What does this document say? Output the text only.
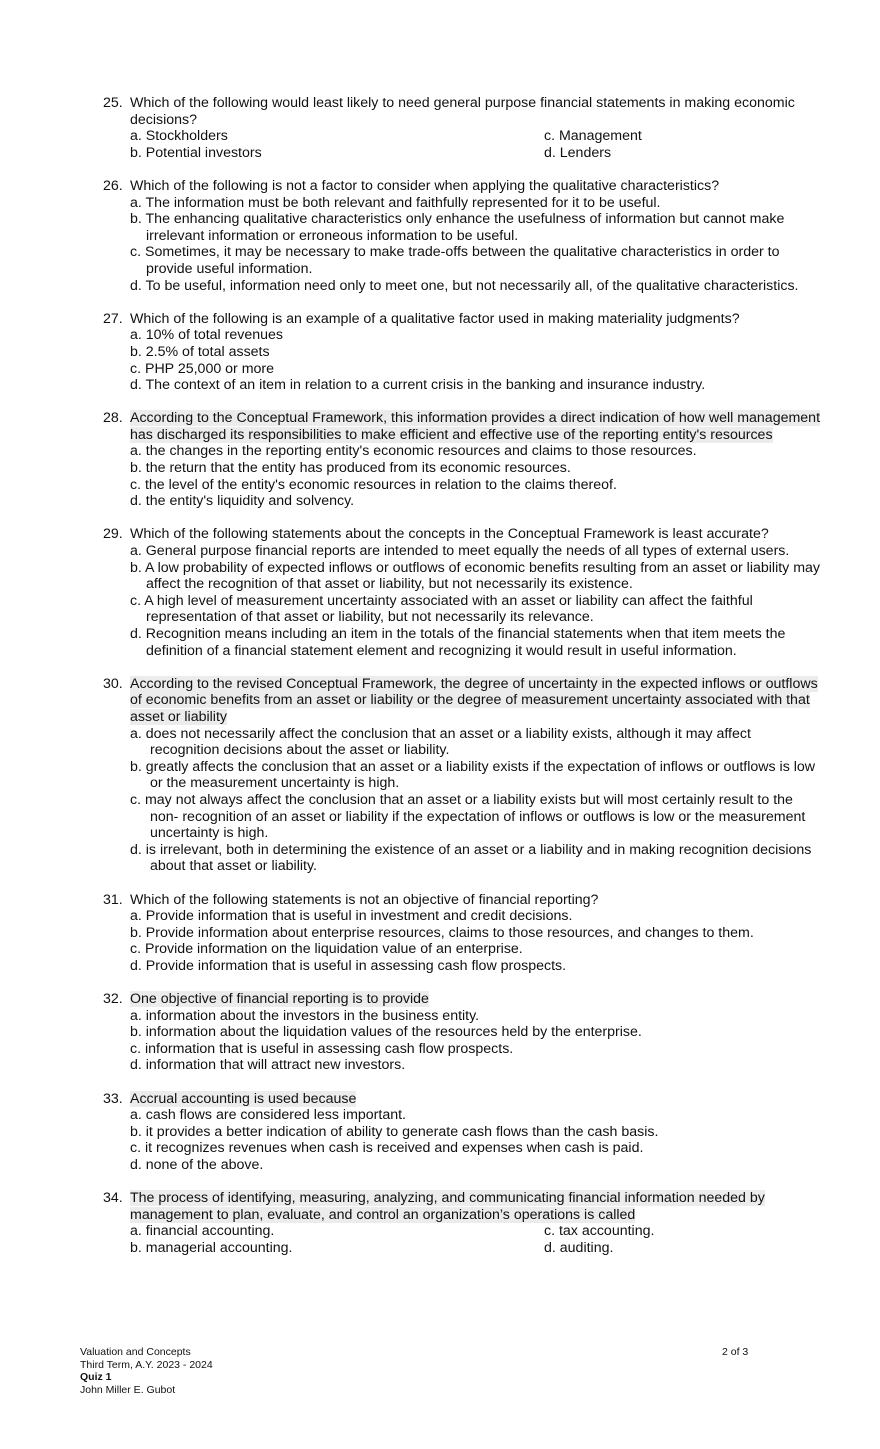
25. Which of the following would least likely to need general purpose financial statements in making economic decisions?
a. Stockholders	c. Management
b. Potential investors	d. Lenders
26. Which of the following is not a factor to consider when applying the qualitative characteristics?
a. The information must be both relevant and faithfully represented for it to be useful.
b. The enhancing qualitative characteristics only enhance the usefulness of information but cannot make irrelevant information or erroneous information to be useful.
c. Sometimes, it may be necessary to make trade-offs between the qualitative characteristics in order to provide useful information.
d. To be useful, information need only to meet one, but not necessarily all, of the qualitative characteristics.
27. Which of the following is an example of a qualitative factor used in making materiality judgments?
a. 10% of total revenues
b. 2.5% of total assets
c. PHP 25,000 or more
d. The context of an item in relation to a current crisis in the banking and insurance industry.
28. According to the Conceptual Framework, this information provides a direct indication of how well management has discharged its responsibilities to make efficient and effective use of the reporting entity's resources
a. the changes in the reporting entity's economic resources and claims to those resources.
b. the return that the entity has produced from its economic resources.
c. the level of the entity's economic resources in relation to the claims thereof.
d. the entity's liquidity and solvency.
29. Which of the following statements about the concepts in the Conceptual Framework is least accurate?
a. General purpose financial reports are intended to meet equally the needs of all types of external users.
b. A low probability of expected inflows or outflows of economic benefits resulting from an asset or liability may affect the recognition of that asset or liability, but not necessarily its existence.
c. A high level of measurement uncertainty associated with an asset or liability can affect the faithful representation of that asset or liability, but not necessarily its relevance.
d. Recognition means including an item in the totals of the financial statements when that item meets the definition of a financial statement element and recognizing it would result in useful information.
30. According to the revised Conceptual Framework, the degree of uncertainty in the expected inflows or outflows of economic benefits from an asset or liability or the degree of measurement uncertainty associated with that asset or liability
a. does not necessarily affect the conclusion that an asset or a liability exists, although it may affect recognition decisions about the asset or liability.
b. greatly affects the conclusion that an asset or a liability exists if the expectation of inflows or outflows is low or the measurement uncertainty is high.
c. may not always affect the conclusion that an asset or a liability exists but will most certainly result to the non- recognition of an asset or liability if the expectation of inflows or outflows is low or the measurement uncertainty is high.
d. is irrelevant, both in determining the existence of an asset or a liability and in making recognition decisions about that asset or liability.
31. Which of the following statements is not an objective of financial reporting?
a. Provide information that is useful in investment and credit decisions.
b. Provide information about enterprise resources, claims to those resources, and changes to them.
c. Provide information on the liquidation value of an enterprise.
d. Provide information that is useful in assessing cash flow prospects.
32. One objective of financial reporting is to provide
a. information about the investors in the business entity.
b. information about the liquidation values of the resources held by the enterprise.
c. information that is useful in assessing cash flow prospects.
d. information that will attract new investors.
33. Accrual accounting is used because
a. cash flows are considered less important.
b. it provides a better indication of ability to generate cash flows than the cash basis.
c. it recognizes revenues when cash is received and expenses when cash is paid.
d. none of the above.
34. The process of identifying, measuring, analyzing, and communicating financial information needed by management to plan, evaluate, and control an organization’s operations is called
a. financial accounting.	c. tax accounting.
b. managerial accounting.	d. auditing.
Valuation and Concepts
Third Term, A.Y. 2023 - 2024
Quiz 1
John Miller E. Gubot
2 of 3
